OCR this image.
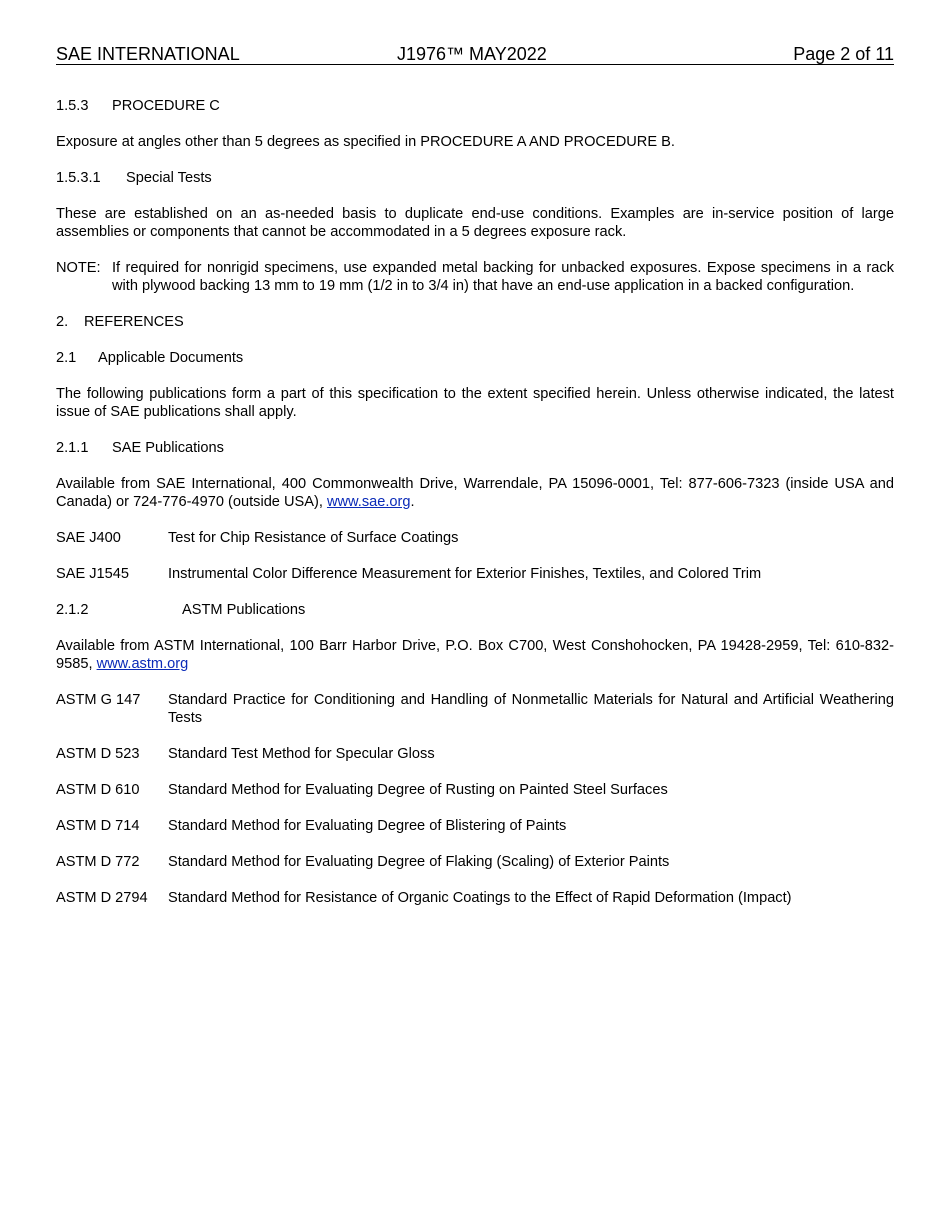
SAE INTERNATIONAL	J1976™ MAY2022	Page 2 of 11

1.5.3 PROCEDURE C

Exposure at angles other than 5 degrees as specified in PROCEDURE A AND PROCEDURE B.

1.5.3.1 Special Tests

These are established on an as-needed basis to duplicate end-use conditions. Examples are in-service position of large assemblies or components that cannot be accommodated in a 5 degrees exposure rack.

NOTE: If required for nonrigid specimens, use expanded metal backing for unbacked exposures. Expose specimens in a rack with plywood backing 13 mm to 19 mm (1/2 in to 3/4 in) that have an end-use application in a backed configuration.

2. REFERENCES

2.1 Applicable Documents

The following publications form a part of this specification to the extent specified herein. Unless otherwise indicated, the latest issue of SAE publications shall apply.

2.1.1 SAE Publications

Available from SAE International, 400 Commonwealth Drive, Warrendale, PA 15096-0001, Tel: 877-606-7323 (inside USA and Canada) or 724-776-4970 (outside USA), www.sae.org.

SAE J400	Test for Chip Resistance of Surface Coatings
SAE J1545	Instrumental Color Difference Measurement for Exterior Finishes, Textiles, and Colored Trim

2.1.2	ASTM Publications

Available from ASTM International, 100 Barr Harbor Drive, P.O. Box C700, West Conshohocken, PA 19428-2959, Tel: 610-832-9585, www.astm.org

ASTM G 147	Standard Practice for Conditioning and Handling of Nonmetallic Materials for Natural and Artificial Weathering Tests
ASTM D 523	Standard Test Method for Specular Gloss
ASTM D 610	Standard Method for Evaluating Degree of Rusting on Painted Steel Surfaces
ASTM D 714	Standard Method for Evaluating Degree of Blistering of Paints
ASTM D 772	Standard Method for Evaluating Degree of Flaking (Scaling) of Exterior Paints
ASTM D 2794	Standard Method for Resistance of Organic Coatings to the Effect of Rapid Deformation (Impact)
